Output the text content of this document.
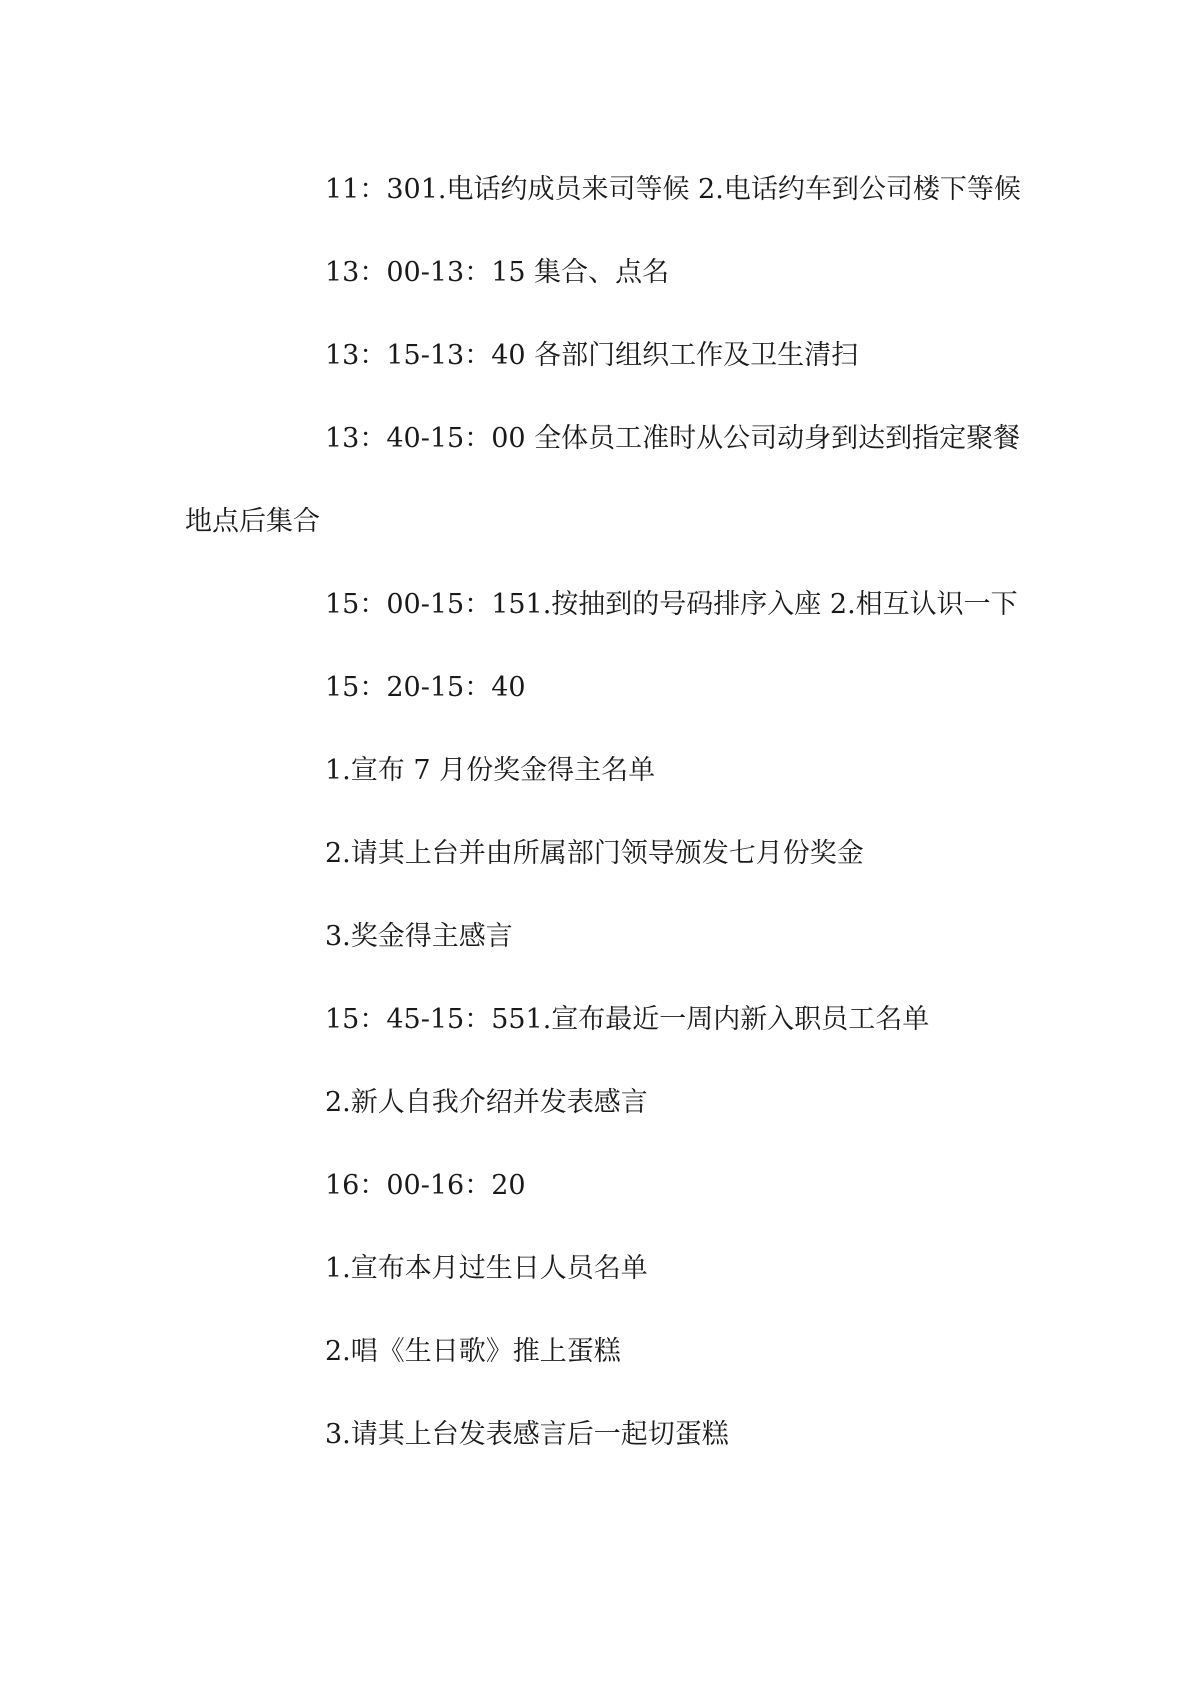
11：301.电话约成员来司等候 2.电话约车到公司楼下等候

13：00-13：15 集合、点名

13：15-13：40 各部门组织工作及卫生清扫

13：40-15：00 全体员工准时从公司动身到达到指定聚餐地点后集合

15：00-15：151.按抽到的号码排序入座 2.相互认识一下

15：20-15：40

1.宣布 7 月份奖金得主名单

2.请其上台并由所属部门领导颁发七月份奖金

3.奖金得主感言

15：45-15：551.宣布最近一周内新入职员工名单

2.新人自我介绍并发表感言

16：00-16：20

1.宣布本月过生日人员名单

2.唱《生日歌》推上蛋糕

3.请其上台发表感言后一起切蛋糕
